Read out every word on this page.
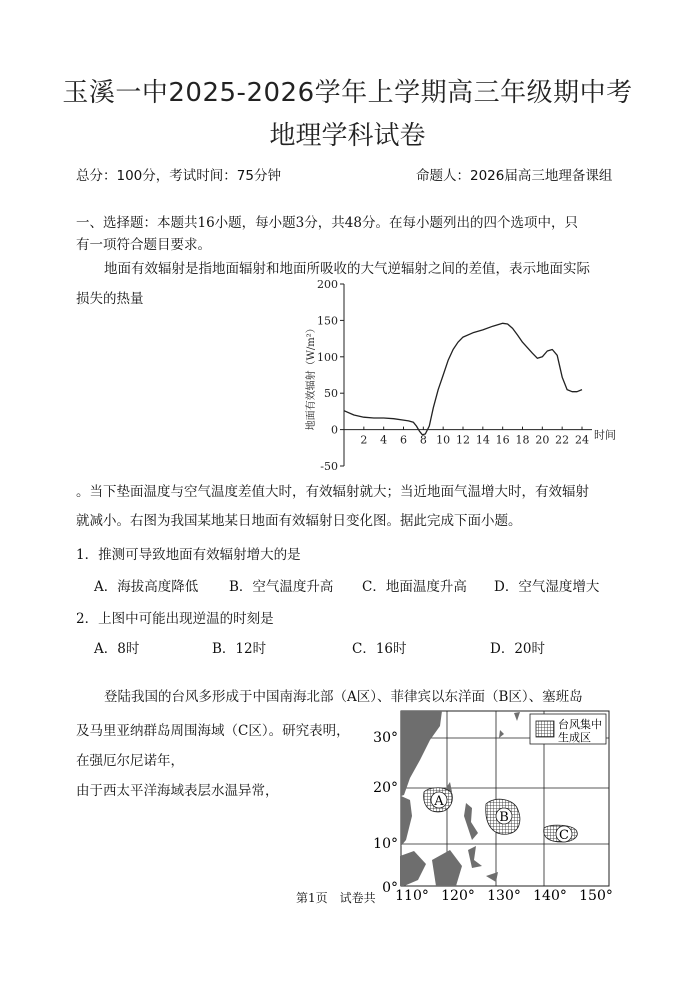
玉溪一中2025-2026学年上学期高三年级期中考
地理学科试卷
总分：100分，考试时间：75分钟	命题人：2026届高三地理备课组
一、选择题：本题共16小题，每小题3分，共48分。在每小题列出的四个选项中，只
有一项符合题目要求。
地面有效辐射是指地面辐射和地面所吸收的大气逆辐射之间的差值，表示地面实际
损失的热量
200
150
100
50
0
-50
2 4 6 8 10 12 14 16 18 20 22 24 时间
地面有效辐射（W/m²）
。当下垫面温度与空气温度差值大时，有效辐射就大；当近地面气温增大时，有效辐射
就减小。右图为我国某地某日地面有效辐射日变化图。据此完成下面小题。
1．推测可导致地面有效辐射增大的是
A．海拔高度降低 B．空气温度升高 C．地面温度升高 D．空气湿度增大
2．上图中可能出现逆温的时刻是
A．8时	B．12时	C．16时	D．20时
登陆我国的台风多形成于中国南海北部（A区）、菲律宾以东洋面（B区）、塞班岛
及马里亚纳群岛周围海域（C区）。研究表明，
在强厄尔尼诺年，
由于西太平洋海域表层水温异常，
A
B
C
台风集中
生成区
30°
20°
10°
0°
110° 120° 130° 140° 150°
第1页　试卷共
